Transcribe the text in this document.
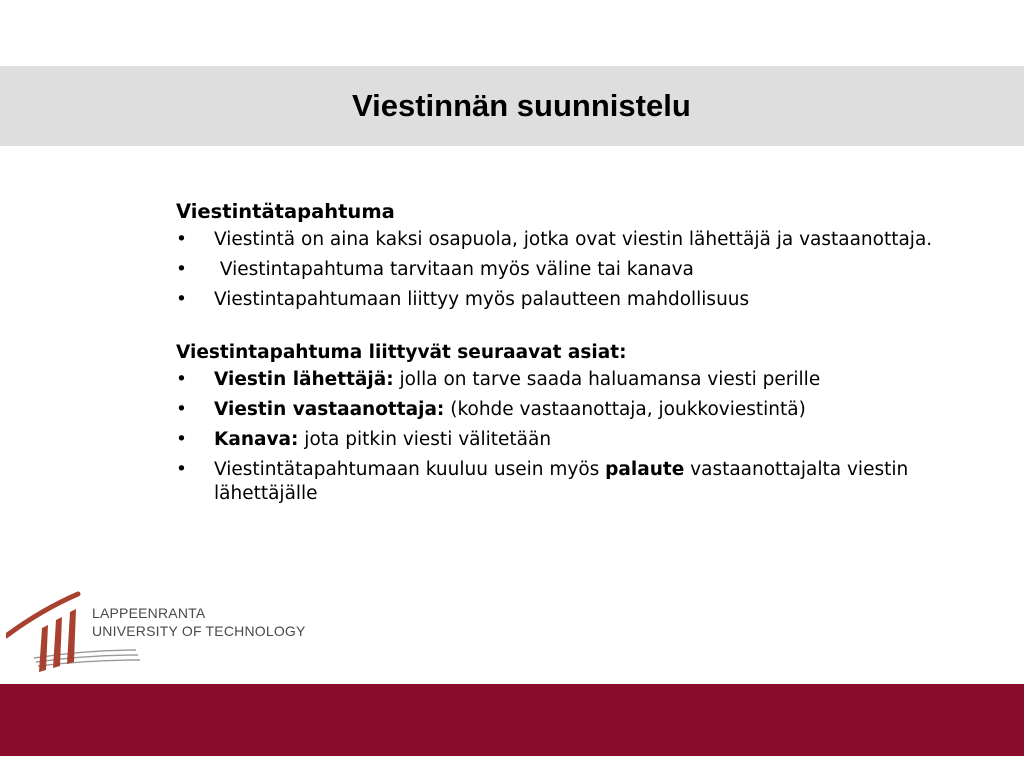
Viestinnän suunnistelu
Viestintätapahtuma
• Viestintä on aina kaksi osapuola, jotka ovat viestin lähettäjä ja vastaanottaja.
• Viestintapahtuma tarvitaan myös väline tai kanava
• Viestintapahtumaan liittyy myös palautteen mahdollisuus
Viestintapahtuma liittyvät seuraavat asiat:
• Viestin lähettäjä: jolla on tarve saada haluamansa viesti perille
• Viestin vastaanottaja: (kohde vastaanottaja, joukkoviestintä)
• Kanava: jota pitkin viesti välitetään
• Viestintätapahtumaan kuuluu usein myös palaute vastaanottajalta viestin lähettäjälle
LAPPEENRANTA
UNIVERSITY OF TECHNOLOGY
